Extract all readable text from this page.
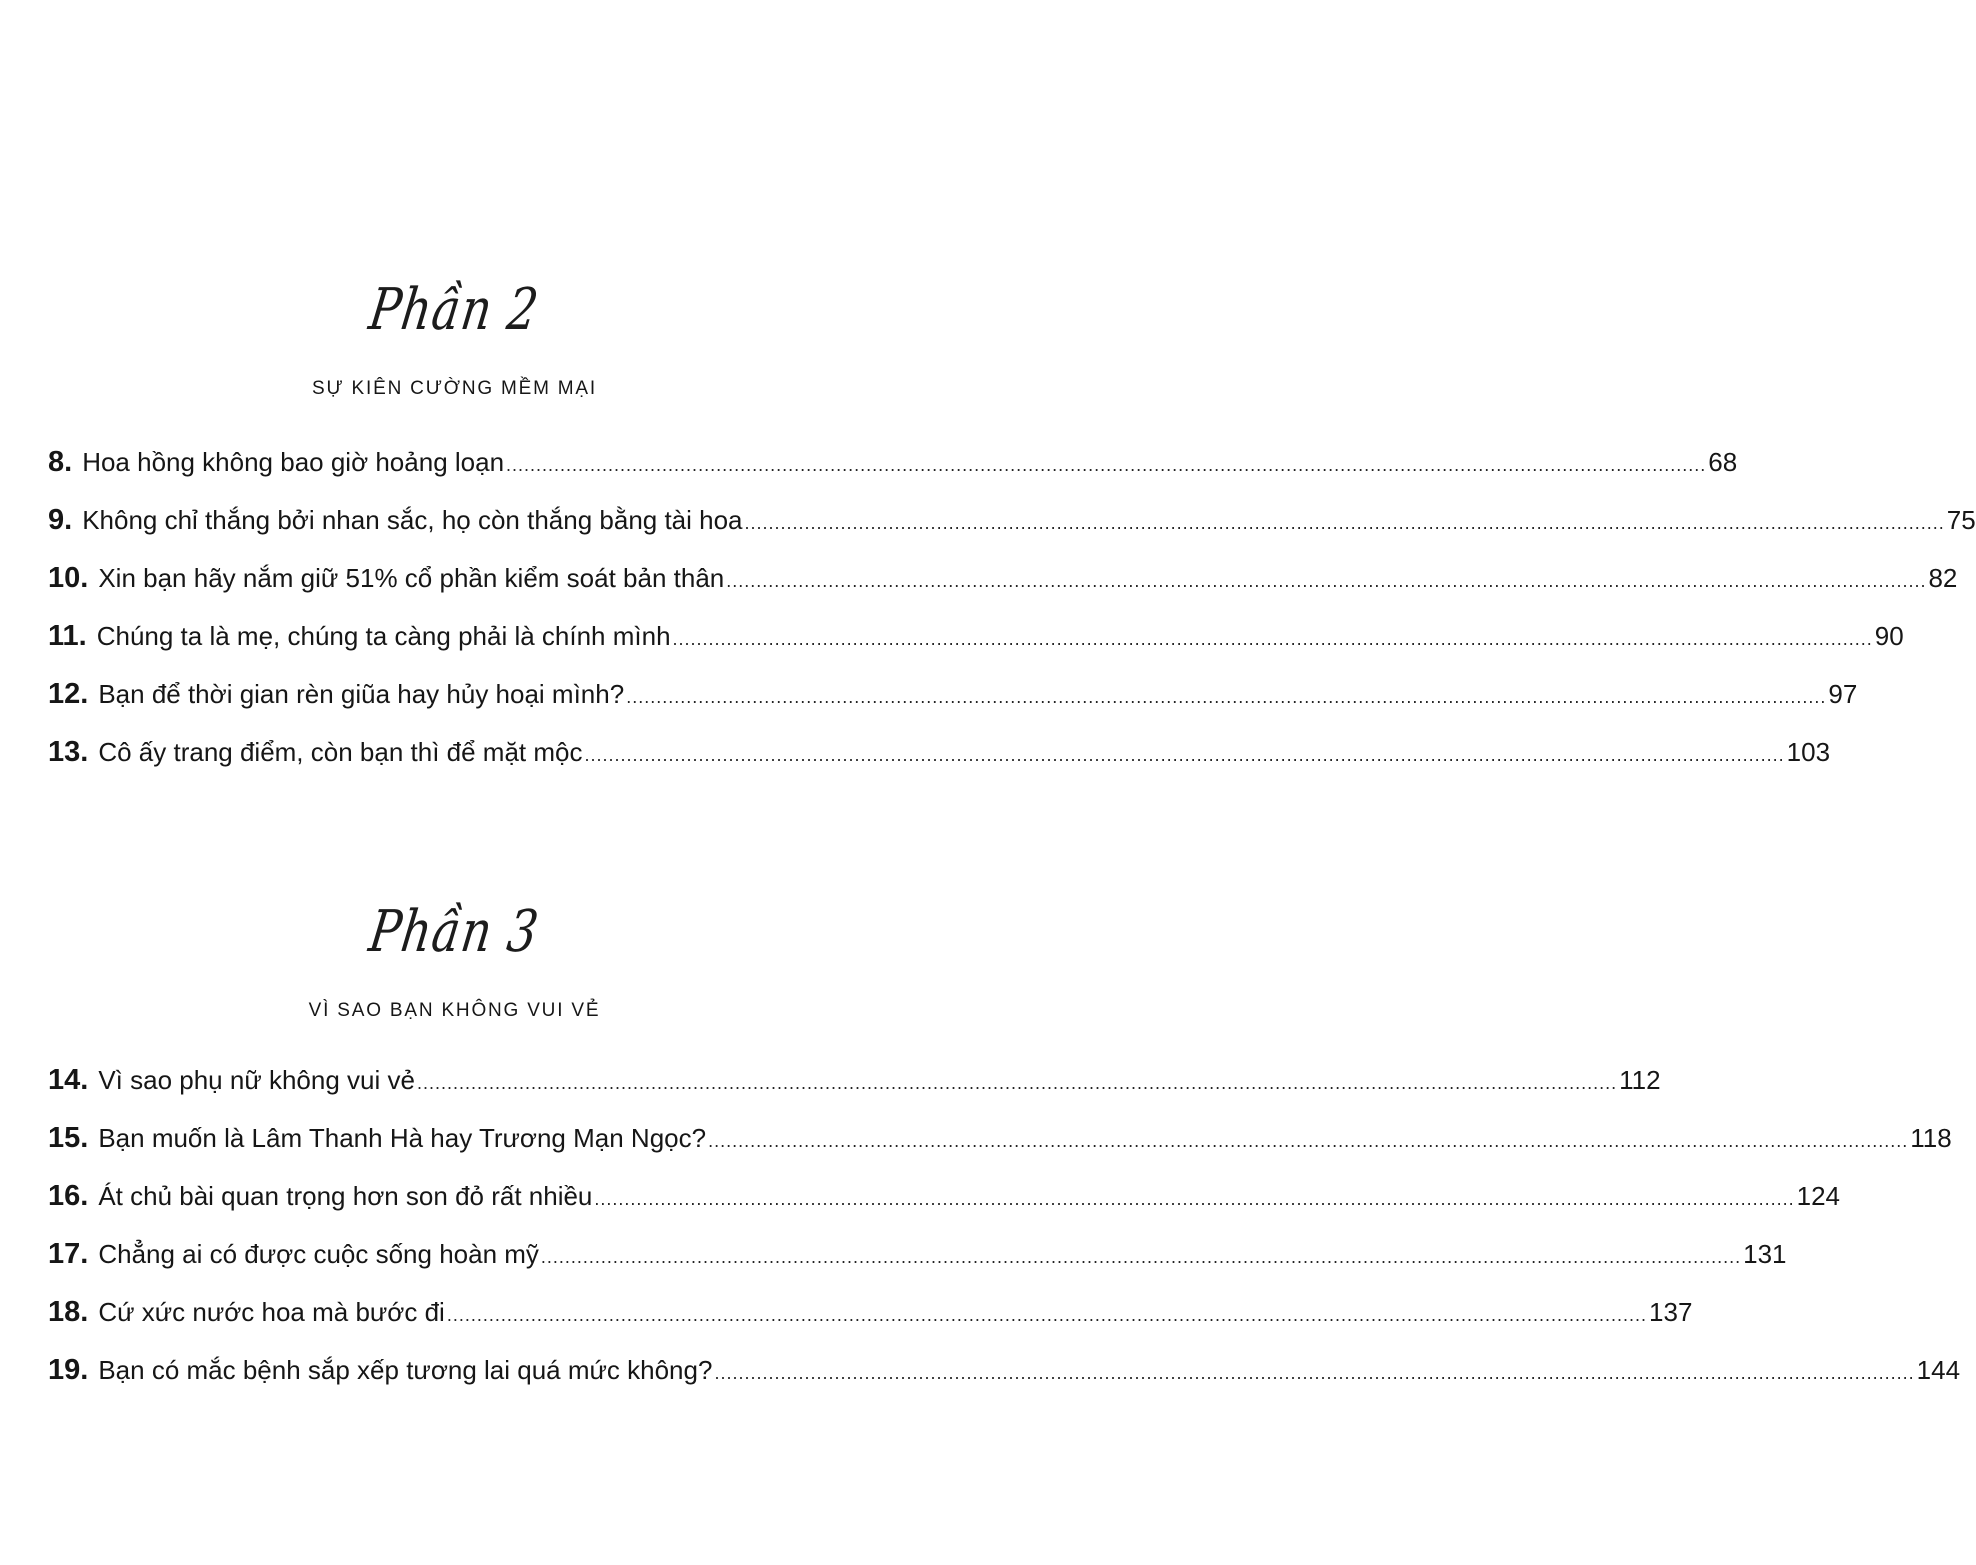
Phần 2
SỰ KIÊN CƯỜNG MỀM MẠI
8. Hoa hồng không bao giờ hoảng loạn ........................................................................................................................................................................................................ 68
9. Không chỉ thắng bởi nhan sắc, họ còn thắng bằng tài hoa ........................................................................................................................................................................................................ 75
10. Xin bạn hãy nắm giữ 51% cổ phần kiểm soát bản thân ........................................................................................................................................................................................................ 82
11. Chúng ta là mẹ, chúng ta càng phải là chính mình ........................................................................................................................................................................................................ 90
12. Bạn để thời gian rèn giũa hay hủy hoại mình? ........................................................................................................................................................................................................ 97
13. Cô ấy trang điểm, còn bạn thì để mặt mộc ........................................................................................................................................................................................................ 103
Phần 3
VÌ SAO BẠN KHÔNG VUI VẺ
14. Vì sao phụ nữ không vui vẻ ........................................................................................................................................................................................................ 112
15. Bạn muốn là Lâm Thanh Hà hay Trương Mạn Ngọc? ........................................................................................................................................................................................................ 118
16. Át chủ bài quan trọng hơn son đỏ rất nhiều ........................................................................................................................................................................................................ 124
17. Chẳng ai có được cuộc sống hoàn mỹ ........................................................................................................................................................................................................ 131
18. Cứ xức nước hoa mà bước đi ........................................................................................................................................................................................................ 137
19. Bạn có mắc bệnh sắp xếp tương lai quá mức không? ........................................................................................................................................................................................................ 144
